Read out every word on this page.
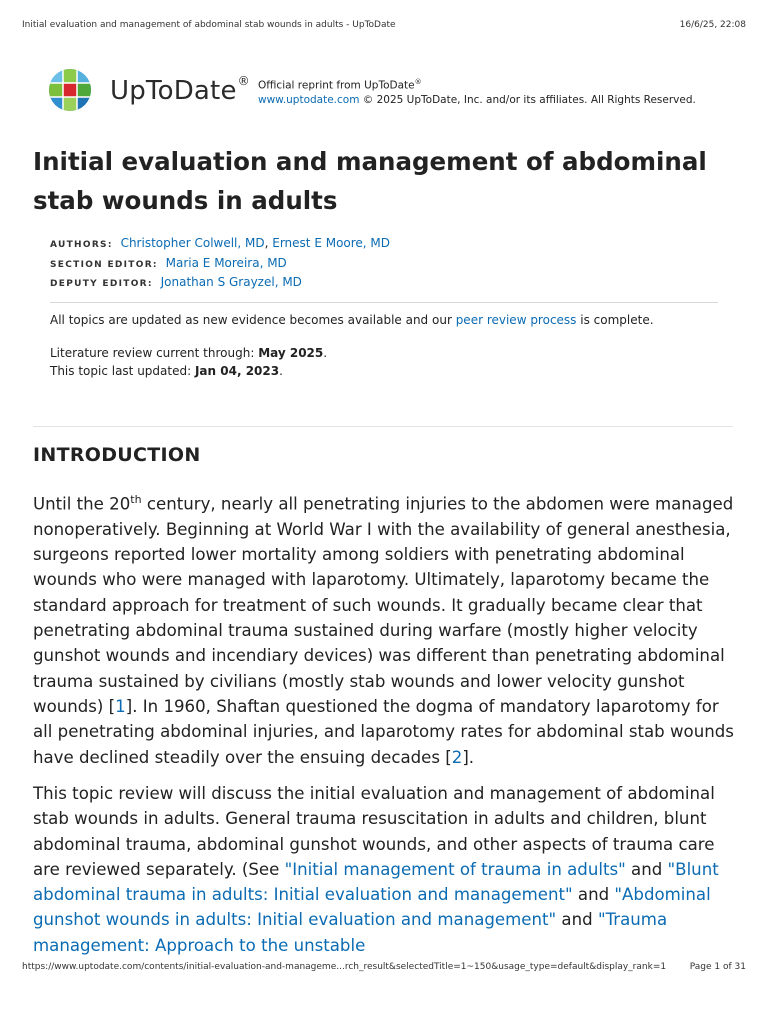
Initial evaluation and management of abdominal stab wounds in adults - UpToDate	16/6/25, 22:08
UpToDate® Official reprint from UpToDate®
www.uptodate.com © 2025 UpToDate, Inc. and/or its affiliates. All Rights Reserved.
Initial evaluation and management of abdominal stab wounds in adults
AUTHORS: Christopher Colwell, MD, Ernest E Moore, MD
SECTION EDITOR: Maria E Moreira, MD
DEPUTY EDITOR: Jonathan S Grayzel, MD

All topics are updated as new evidence becomes available and our peer review process is complete.

Literature review current through: May 2025.

This topic last updated: Jan 04, 2023.

INTRODUCTION

Until the 20th century, nearly all penetrating injuries to the abdomen were managed nonoperatively. Beginning at World War I with the availability of general anesthesia, surgeons reported lower mortality among soldiers with penetrating abdominal wounds who were managed with laparotomy. Ultimately, laparotomy became the standard approach for treatment of such wounds. It gradually became clear that penetrating abdominal trauma sustained during warfare (mostly higher velocity gunshot wounds and incendiary devices) was different than penetrating abdominal trauma sustained by civilians (mostly stab wounds and lower velocity gunshot wounds) [1]. In 1960, Shaftan questioned the dogma of mandatory laparotomy for all penetrating abdominal injuries, and laparotomy rates for abdominal stab wounds have declined steadily over the ensuing decades [2].

This topic review will discuss the initial evaluation and management of abdominal stab wounds in adults. General trauma resuscitation in adults and children, blunt abdominal trauma, abdominal gunshot wounds, and other aspects of trauma care are reviewed separately. (See "Initial management of trauma in adults" and "Blunt abdominal trauma in adults: Initial evaluation and management" and "Abdominal gunshot wounds in adults: Initial evaluation and management" and "Trauma management: Approach to the unstable

https://www.uptodate.com/contents/initial-evaluation-and-manageme...rch_result&selectedTitle=1~150&usage_type=default&display_rank=1	Page 1 of 31
